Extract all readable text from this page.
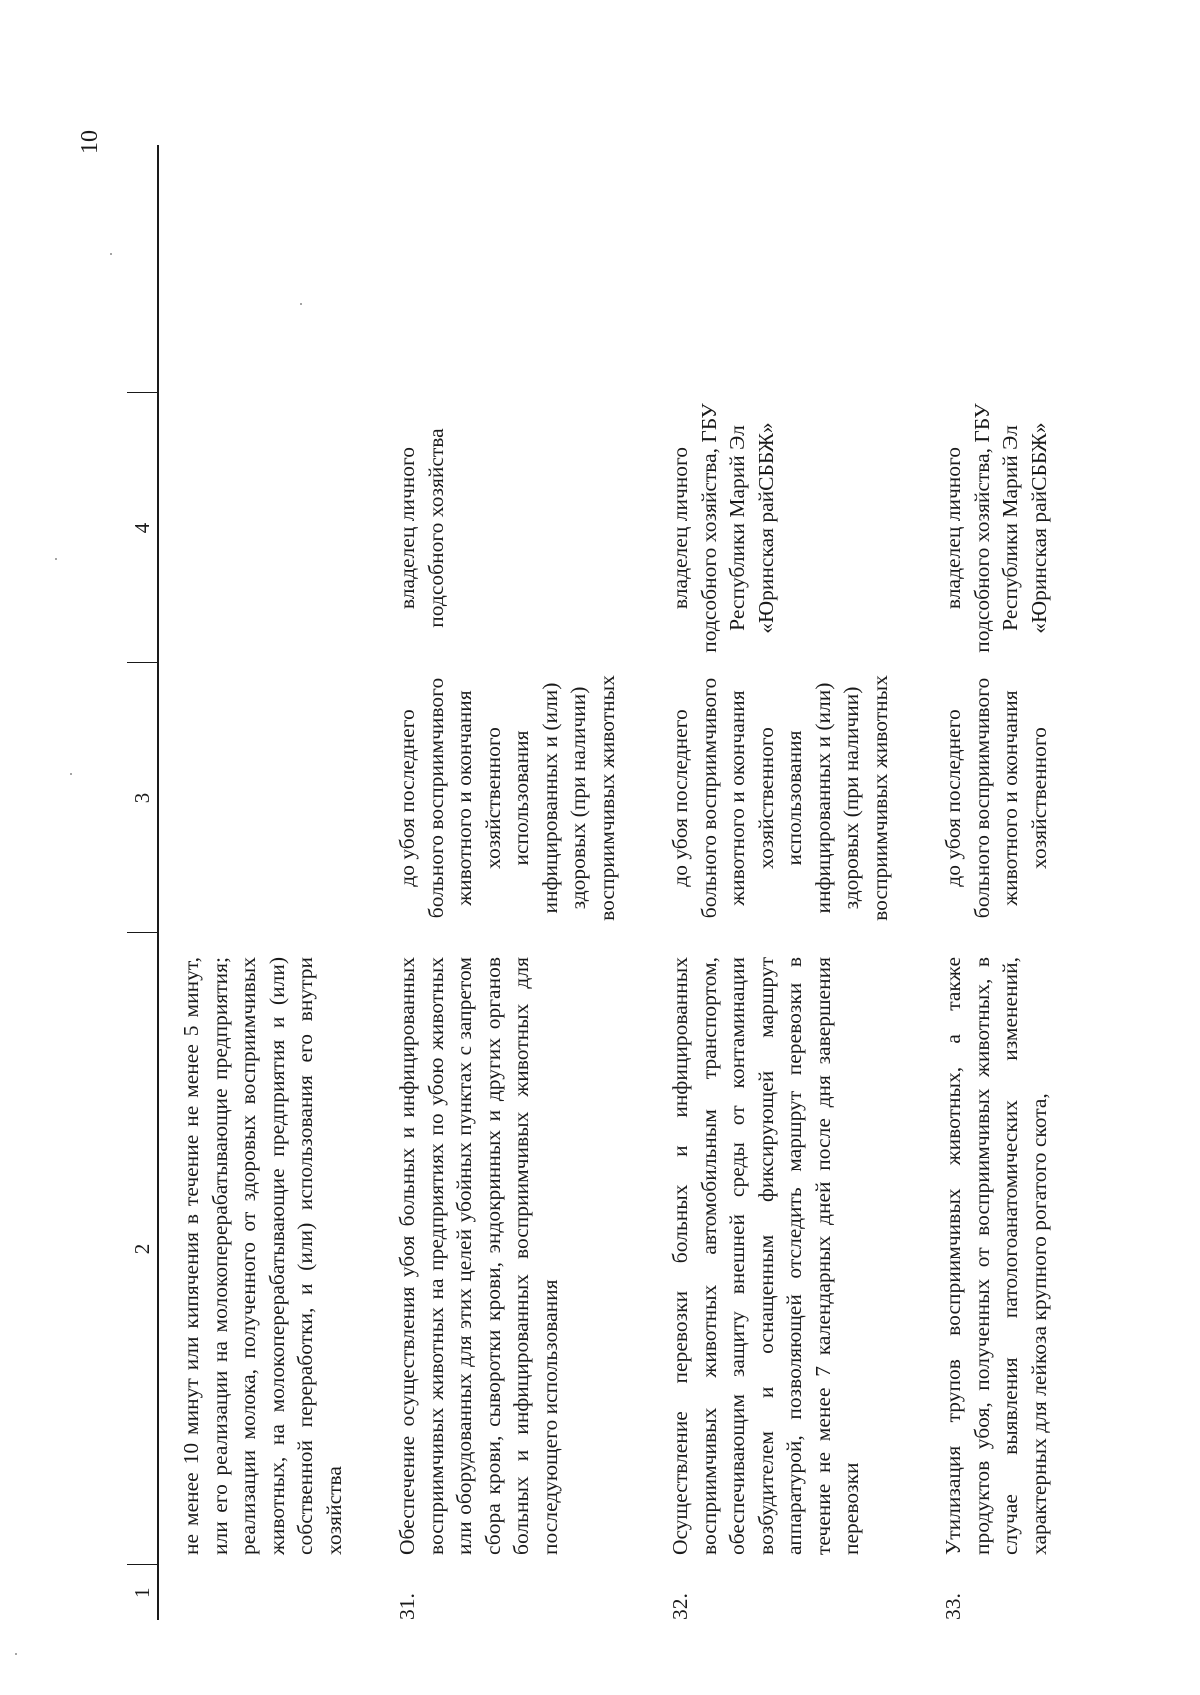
10
1	2	3	4	

	не менее 10 минут или кипячения в течение не менее 5 минут, или его реализации на молокоперерабатывающие предприятия; реализации молока, полученного от здоровых восприимчивых животных, на молокоперерабатывающие предприятия и (или) собственной переработки, и (или) использования его внутри хозяйства			

31.	Обеспечение осуществления убоя больных и инфицированных восприимчивых животных на предприятиях по убою животных или оборудованных для этих целей убойных пунктах с запретом сбора крови, сыворотки крови, эндокринных и других органов больных и инфицированных восприимчивых животных для последующего использования	до убоя последнего больного восприимчивого животного и окончания хозяйственного использования инфицированных и (или) здоровых (при наличии) восприимчивых животных	владелец личного подсобного хозяйства	

32.	Осуществление перевозки больных и инфицированных восприимчивых животных автомобильным транспортом, обеспечивающим защиту внешней среды от контаминации возбудителем и оснащенным фиксирующей маршрут аппаратурой, позволяющей отследить маршрут перевозки в течение не менее 7 календарных дней после дня завершения перевозки	до убоя последнего больного восприимчивого животного и окончания хозяйственного использования инфицированных и (или) здоровых (при наличии) восприимчивых животных	владелец личного подсобного хозяйства, ГБУ Республики Марий Эл «Юринская райСББЖ»	

33.	Утилизация трупов восприимчивых животных, а также продуктов убоя, полученных от восприимчивых животных, в случае выявления патологоанатомических изменений, характерных для лейкоза крупного рогатого скота,	до убоя последнего больного восприимчивого животного и окончания хозяйственного	владелец личного подсобного хозяйства, ГБУ Республики Марий Эл «Юринская райСББЖ»	
